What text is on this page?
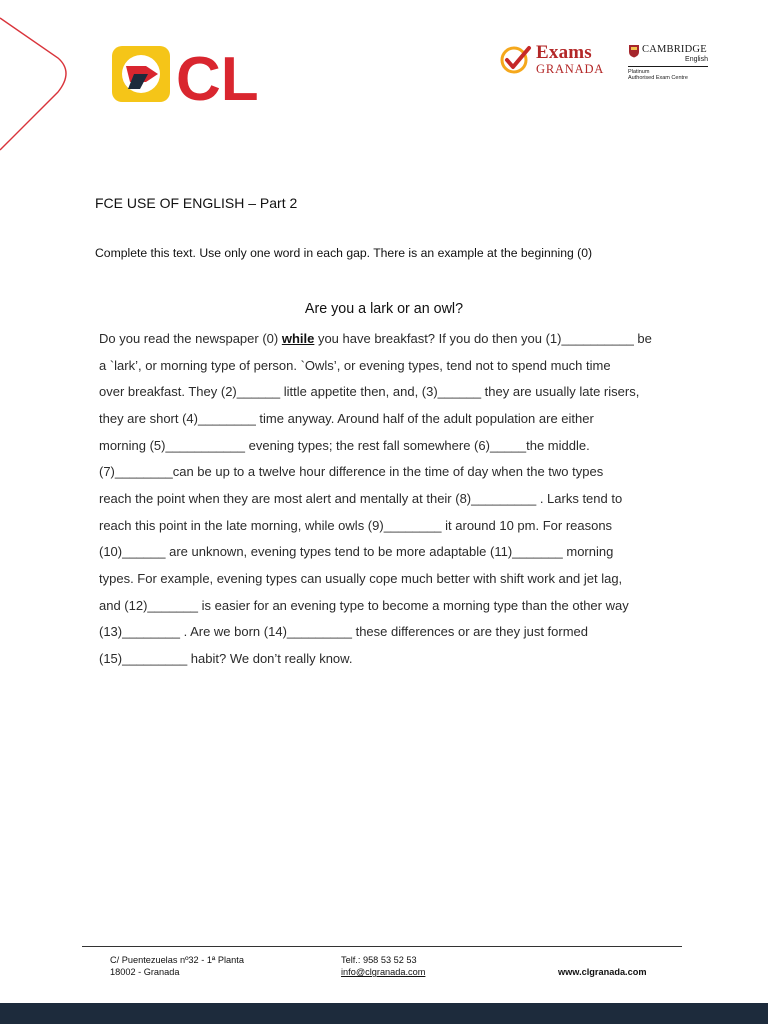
CL	Exams
GRANADA
CAMBRIDGE
English
Platinum
Authorised Exam Centre
FCE USE OF ENGLISH – Part 2
Complete this text. Use only one word in each gap. There is an example at the beginning (0)
Are you a lark or an owl?
Do you read the newspaper (0) while you have breakfast? If you do then you (1)__________ be
a `lark’, or morning type of person. `Owls’, or evening types, tend not to spend much time
over breakfast. They (2)______ little appetite then, and, (3)______ they are usually late risers,
they are short (4)________ time anyway. Around half of the adult population are either
morning (5)___________ evening types; the rest fall somewhere (6)_____the middle.
(7)________can be up to a twelve hour difference in the time of day when the two types
reach the point when they are most alert and mentally at their (8)_________ . Larks tend to
reach this point in the late morning, while owls (9)________ it around 10 pm. For reasons
(10)______ are unknown, evening types tend to be more adaptable (11)_______ morning
types. For example, evening types can usually cope much better with shift work and jet lag,
and (12)_______ is easier for an evening type to become a morning type than the other way
(13)________ . Are we born (14)_________ these differences or are they just formed
(15)_________ habit? We don’t really know.
C/ Puentezuelas nº32 - 1ª Planta
18002 - Granada
Telf.: 958 53 52 53
info@clgranada.com	www.clgranada.com
